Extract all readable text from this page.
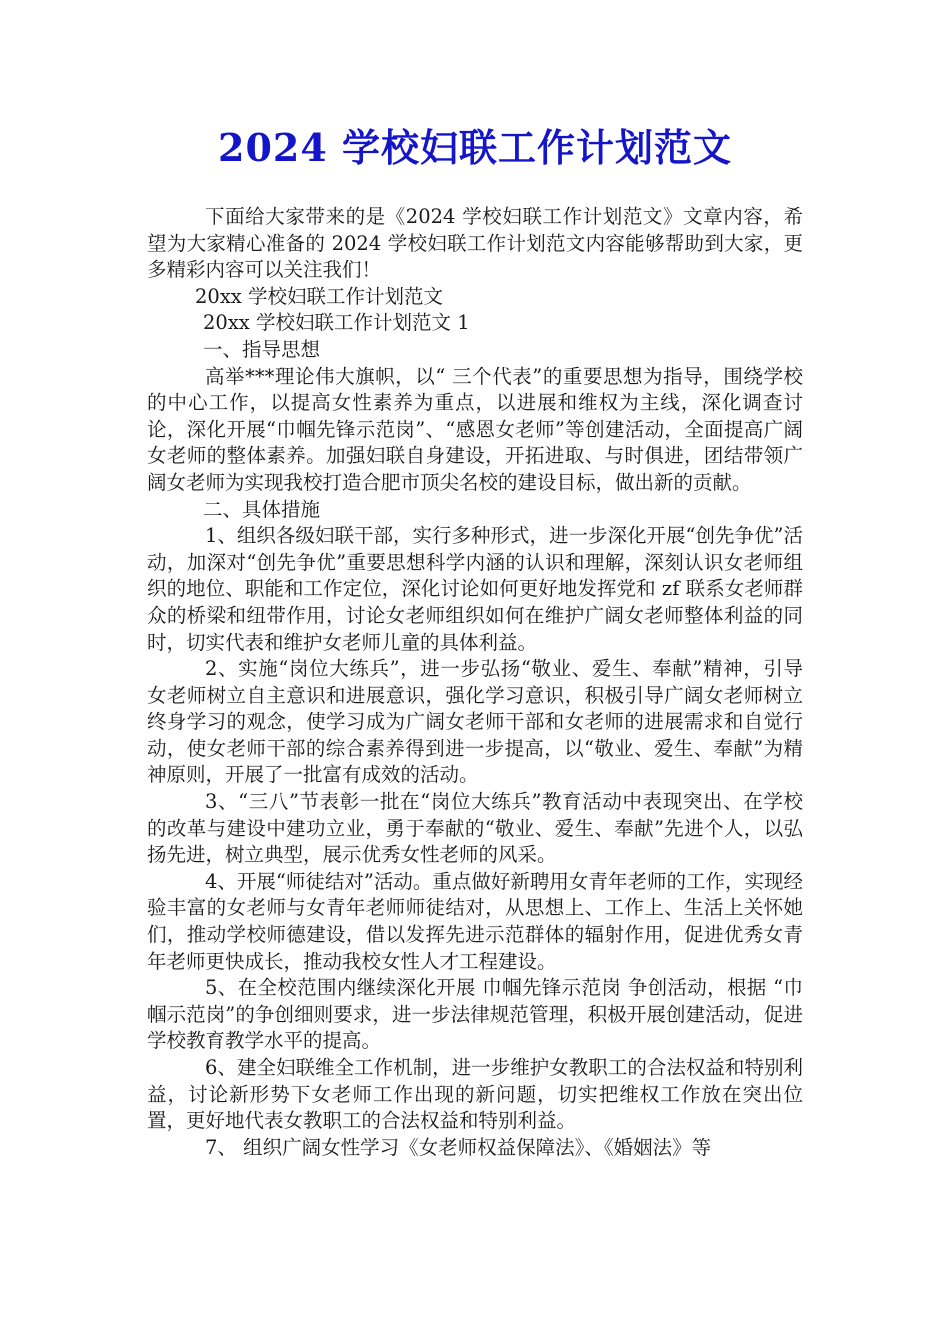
2024 学校妇联工作计划范文

下面给大家带来的是《2024 学校妇联工作计划范文》文章内容，希望为大家精心准备的 2024 学校妇联工作计划范文内容能够帮助到大家，更多精彩内容可以关注我们！

20xx 学校妇联工作计划范文

20xx 学校妇联工作计划范文 1

一、指导思想

高举***理论伟大旗帜，以“ 三个代表”的重要思想为指导，围绕学校的中心工作，以提高女性素养为重点，以进展和维权为主线，深化调查讨论，深化开展“巾帼先锋示范岗”、“感恩女老师”等创建活动，全面提高广阔女老师的整体素养。加强妇联自身建设，开拓进取、与时俱进，团结带领广阔女老师为实现我校打造合肥市顶尖名校的建设目标，做出新的贡献。

二、具体措施

1、组织各级妇联干部，实行多种形式，进一步深化开展“创先争优”活动，加深对“创先争优”重要思想科学内涵的认识和理解，深刻认识女老师组织的地位、职能和工作定位，深化讨论如何更好地发挥党和 zf 联系女老师群众的桥梁和纽带作用，讨论女老师组织如何在维护广阔女老师整体利益的同时，切实代表和维护女老师儿童的具体利益。

2、实施“岗位大练兵”，进一步弘扬“敬业、爱生、奉献”精神，引导女老师树立自主意识和进展意识，强化学习意识，积极引导广阔女老师树立终身学习的观念，使学习成为广阔女老师干部和女老师的进展需求和自觉行动，使女老师干部的综合素养得到进一步提高，以“敬业、爱生、奉献”为精神原则，开展了一批富有成效的活动。

3、“三八”节表彰一批在“岗位大练兵”教育活动中表现突出、在学校的改革与建设中建功立业，勇于奉献的“敬业、爱生、奉献”先进个人，以弘扬先进，树立典型，展示优秀女性老师的风采。

4、开展“师徒结对”活动。重点做好新聘用女青年老师的工作，实现经验丰富的女老师与女青年老师师徒结对，从思想上、工作上、生活上关怀她们，推动学校师德建设，借以发挥先进示范群体的辐射作用，促进优秀女青年老师更快成长，推动我校女性人才工程建设。

5、在全校范围内继续深化开展 巾帼先锋示范岗 争创活动，根据 “巾帼示范岗”的争创细则要求，进一步法律规范管理，积极开展创建活动，促进学校教育教学水平的提高。

6、建全妇联维全工作机制，进一步维护女教职工的合法权益和特别利益，讨论新形势下女老师工作出现的新问题，切实把维权工作放在突出位置，更好地代表女教职工的合法权益和特别利益。

7、 组织广阔女性学习《女老师权益保障法》、《婚姻法》等
